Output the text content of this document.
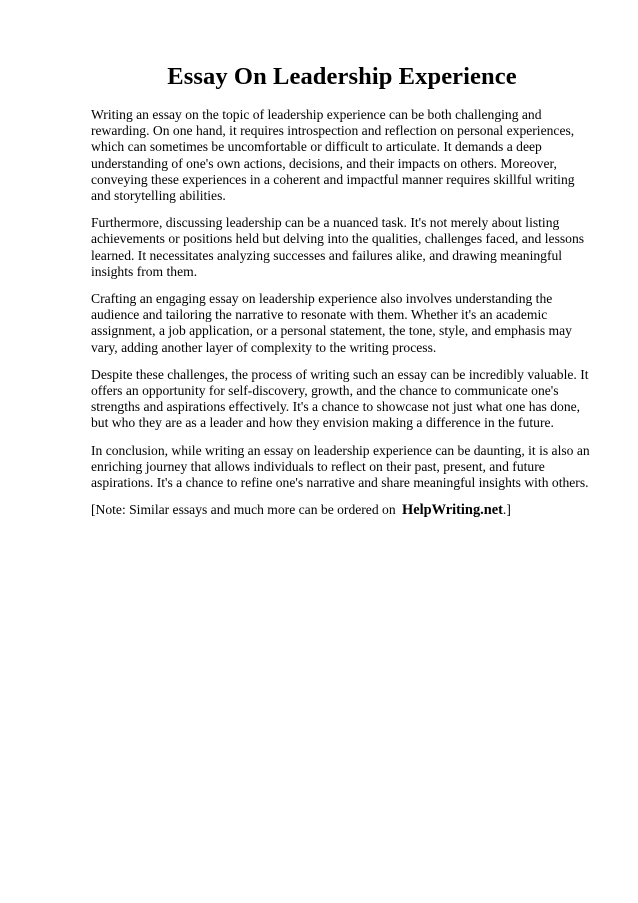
Essay On Leadership Experience

Writing an essay on the topic of leadership experience can be both challenging and rewarding. On one hand, it requires introspection and reflection on personal experiences, which can sometimes be uncomfortable or difficult to articulate. It demands a deep understanding of one's own actions, decisions, and their impacts on others. Moreover, conveying these experiences in a coherent and impactful manner requires skillful writing and storytelling abilities.

Furthermore, discussing leadership can be a nuanced task. It's not merely about listing achievements or positions held but delving into the qualities, challenges faced, and lessons learned. It necessitates analyzing successes and failures alike, and drawing meaningful insights from them.

Crafting an engaging essay on leadership experience also involves understanding the audience and tailoring the narrative to resonate with them. Whether it's an academic assignment, a job application, or a personal statement, the tone, style, and emphasis may vary, adding another layer of complexity to the writing process.

Despite these challenges, the process of writing such an essay can be incredibly valuable. It offers an opportunity for self-discovery, growth, and the chance to communicate one's strengths and aspirations effectively. It's a chance to showcase not just what one has done, but who they are as a leader and how they envision making a difference in the future.

In conclusion, while writing an essay on leadership experience can be daunting, it is also an enriching journey that allows individuals to reflect on their past, present, and future aspirations. It's a chance to refine one's narrative and share meaningful insights with others.

[Note: Similar essays and much more can be ordered on HelpWriting.net.]
